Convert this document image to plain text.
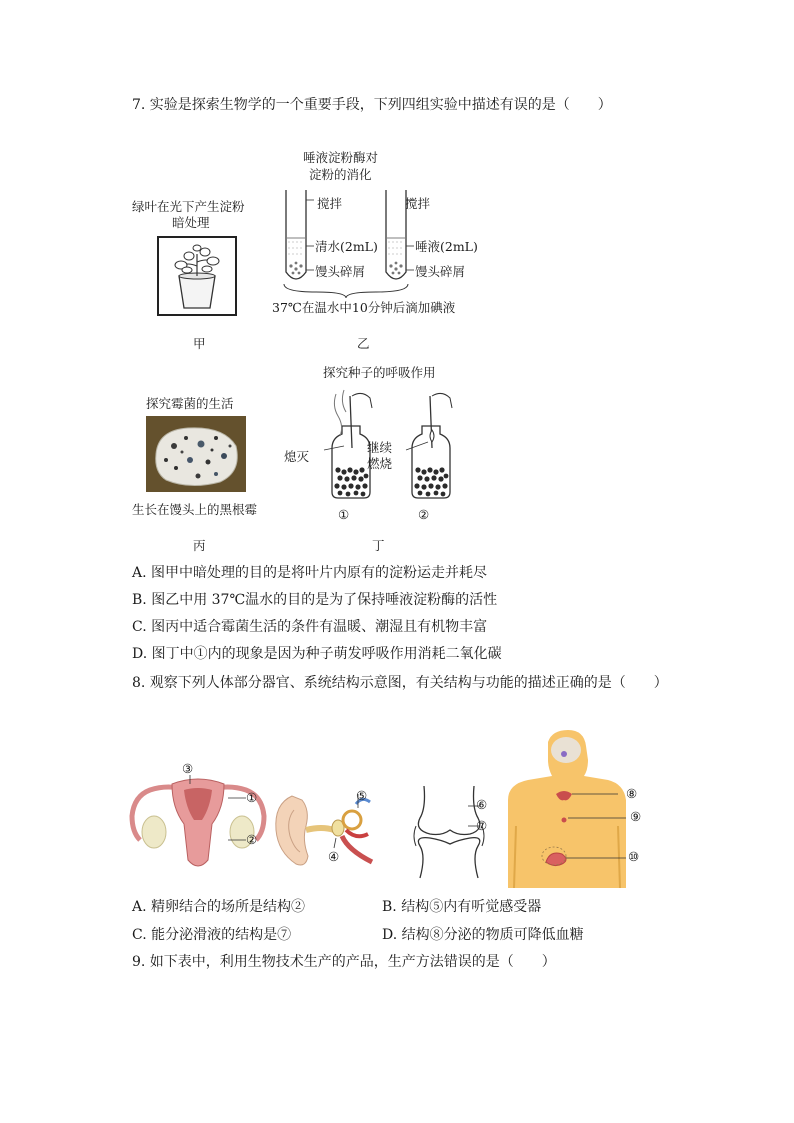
7. 实验是探索生物学的一个重要手段，下列四组实验中描述有误的是（　　）
绿叶在光下产生淀粉
暗处理
甲
唾液淀粉酶对
淀粉的消化
搅拌	搅拌
清水(2mL)	唾液(2mL)
馒头碎屑	馒头碎屑
37℃在温水中10分钟后滴加碘液
乙
探究霉菌的生活
生长在馒头上的黑根霉
丙
探究种子的呼吸作用
熄灭
继续
燃烧
①	②
丁
A. 图甲中暗处理的目的是将叶片内原有的淀粉运走并耗尽
B. 图乙中用 37℃温水的目的是为了保持唾液淀粉酶的活性
C. 图丙中适合霉菌生活的条件有温暖、潮湿且有机物丰富
D. 图丁中①内的现象是因为种子萌发呼吸作用消耗二氧化碳
8. 观察下列人体部分器官、系统结构示意图，有关结构与功能的描述正确的是（　　）
③
①
②
⑤
④
⑥
⑦
⑧
⑨
⑩
A. 精卵结合的场所是结构②	B. 结构⑤内有听觉感受器
C. 能分泌滑液的结构是⑦	D. 结构⑧分泌的物质可降低血糖
9. 如下表中，利用生物技术生产的产品，生产方法错误的是（　　）
